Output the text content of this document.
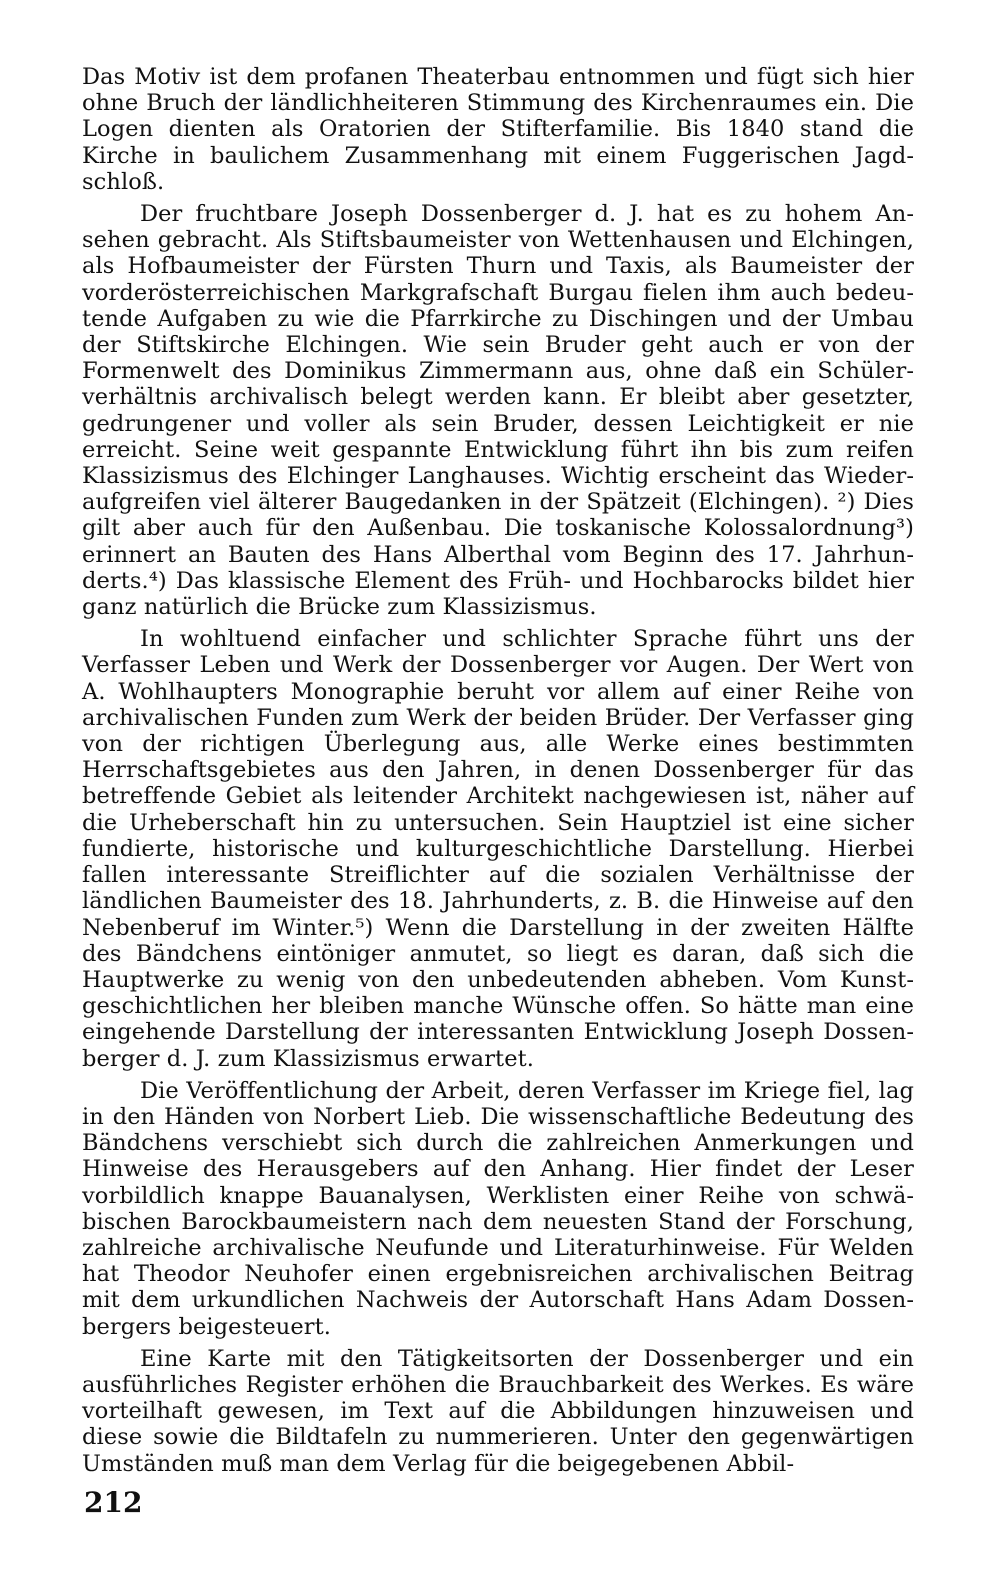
Das Motiv ist dem profanen Theaterbau entnommen und fügt sich hier ohne Bruch der ländlichheiteren Stimmung des Kirchenraumes ein. Die Logen dienten als Oratorien der Stifterfamilie. Bis 1840 stand die Kirche in baulichem Zusammenhang mit einem Fuggerischen Jagdschloß.

Der fruchtbare Joseph Dossenberger d. J. hat es zu hohem Ansehen gebracht. Als Stiftsbaumeister von Wettenhausen und Elchingen, als Hofbaumeister der Fürsten Thurn und Taxis, als Baumeister der vorderösterreichischen Markgrafschaft Burgau fielen ihm auch bedeutende Aufgaben zu wie die Pfarrkirche zu Dischingen und der Umbau der Stiftskirche Elchingen. Wie sein Bruder geht auch er von der Formenwelt des Dominikus Zimmermann aus, ohne daß ein Schülerverhältnis archivalisch belegt werden kann. Er bleibt aber gesetzter, gedrungener und voller als sein Bruder, dessen Leichtigkeit er nie erreicht. Seine weit gespannte Entwicklung führt ihn bis zum reifen Klassizismus des Elchinger Langhauses. Wichtig erscheint das Wiederaufgreifen viel älterer Baugedanken in der Spätzeit (Elchingen). ²) Dies gilt aber auch für den Außenbau. Die toskanische Kolossalordnung³) erinnert an Bauten des Hans Alberthal vom Beginn des 17. Jahrhunderts.⁴) Das klassische Element des Früh- und Hochbarocks bildet hier ganz natürlich die Brücke zum Klassizismus.

In wohltuend einfacher und schlichter Sprache führt uns der Verfasser Leben und Werk der Dossenberger vor Augen. Der Wert von A. Wohlhaupters Monographie beruht vor allem auf einer Reihe von archivalischen Funden zum Werk der beiden Brüder. Der Verfasser ging von der richtigen Überlegung aus, alle Werke eines bestimmten Herrschaftsgebietes aus den Jahren, in denen Dossenberger für das betreffende Gebiet als leitender Architekt nachgewiesen ist, näher auf die Urheberschaft hin zu untersuchen. Sein Hauptziel ist eine sicher fundierte, historische und kulturgeschichtliche Darstellung. Hierbei fallen interessante Streiflichter auf die sozialen Verhältnisse der ländlichen Baumeister des 18. Jahrhunderts, z. B. die Hinweise auf den Nebenberuf im Winter.⁵) Wenn die Darstellung in der zweiten Hälfte des Bändchens eintöniger anmutet, so liegt es daran, daß sich die Hauptwerke zu wenig von den unbedeutenden abheben. Vom Kunstgeschichtlichen her bleiben manche Wünsche offen. So hätte man eine eingehende Darstellung der interessanten Entwicklung Joseph Dossenberger d. J. zum Klassizismus erwartet.

Die Veröffentlichung der Arbeit, deren Verfasser im Kriege fiel, lag in den Händen von Norbert Lieb. Die wissenschaftliche Bedeutung des Bändchens verschiebt sich durch die zahlreichen Anmerkungen und Hinweise des Herausgebers auf den Anhang. Hier findet der Leser vorbildlich knappe Bauanalysen, Werklisten einer Reihe von schwäbischen Barockbaumeistern nach dem neuesten Stand der Forschung, zahlreiche archivalische Neufunde und Literaturhinweise. Für Welden hat Theodor Neuhofer einen ergebnisreichen archivalischen Beitrag mit dem urkundlichen Nachweis der Autorschaft Hans Adam Dossenbergers beigesteuert.

Eine Karte mit den Tätigkeitsorten der Dossenberger und ein ausführliches Register erhöhen die Brauchbarkeit des Werkes. Es wäre vorteilhaft gewesen, im Text auf die Abbildungen hinzuweisen und diese sowie die Bildtafeln zu nummerieren. Unter den gegenwärtigen Umständen muß man dem Verlag für die beigegebenen Abbil-

212
